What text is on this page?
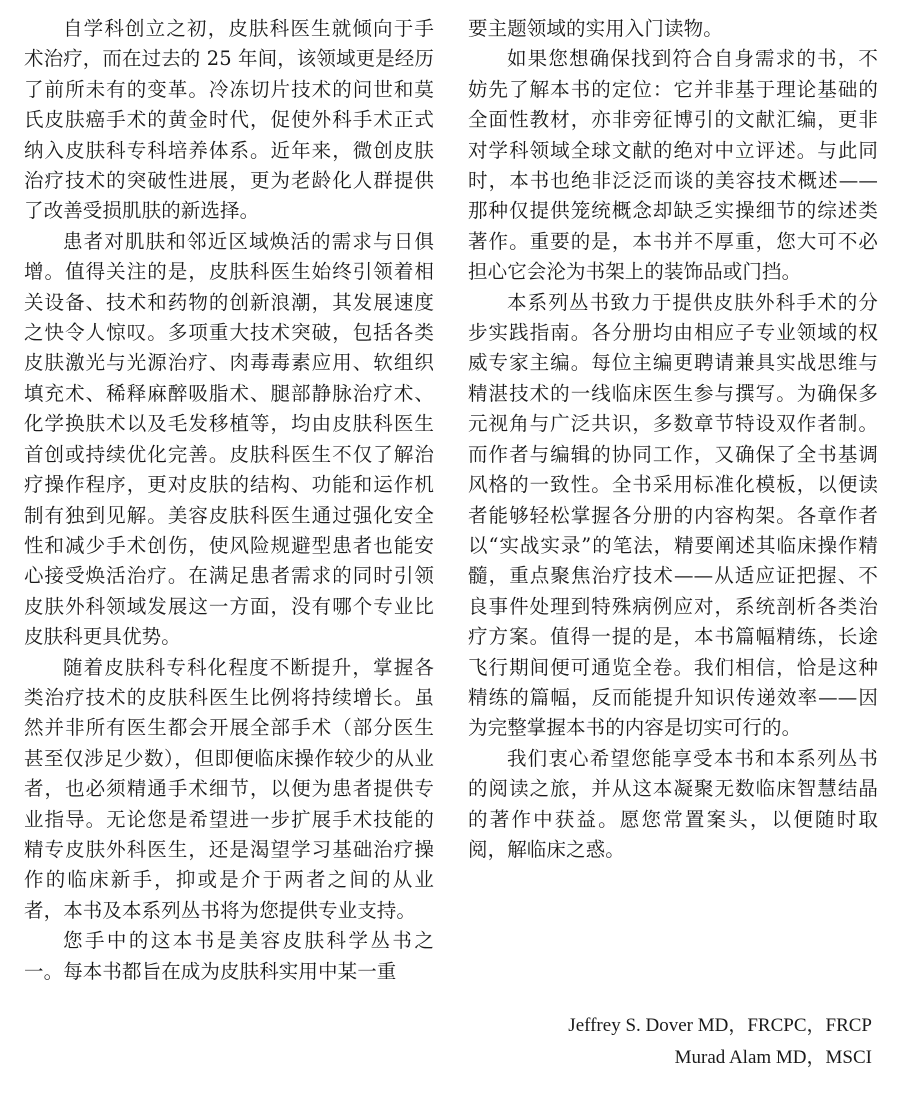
自学科创立之初，皮肤科医生就倾向于手术治疗，而在过去的 25 年间，该领域更是经历了前所未有的变革。冷冻切片技术的问世和莫氏皮肤癌手术的黄金时代，促使外科手术正式纳入皮肤科专科培养体系。近年来，微创皮肤治疗技术的突破性进展，更为老龄化人群提供了改善受损肌肤的新选择。

患者对肌肤和邻近区域焕活的需求与日俱增。值得关注的是，皮肤科医生始终引领着相关设备、技术和药物的创新浪潮，其发展速度之快令人惊叹。多项重大技术突破，包括各类皮肤激光与光源治疗、肉毒毒素应用、软组织填充术、稀释麻醉吸脂术、腿部静脉治疗术、化学换肤术以及毛发移植等，均由皮肤科医生首创或持续优化完善。皮肤科医生不仅了解治疗操作程序，更对皮肤的结构、功能和运作机制有独到见解。美容皮肤科医生通过强化安全性和减少手术创伤，使风险规避型患者也能安心接受焕活治疗。在满足患者需求的同时引领皮肤外科领域发展这一方面，没有哪个专业比皮肤科更具优势。

随着皮肤科专科化程度不断提升，掌握各类治疗技术的皮肤科医生比例将持续增长。虽然并非所有医生都会开展全部手术（部分医生甚至仅涉足少数），但即便临床操作较少的从业者，也必须精通手术细节，以便为患者提供专业指导。无论您是希望进一步扩展手术技能的精专皮肤外科医生，还是渴望学习基础治疗操作的临床新手，抑或是介于两者之间的从业者，本书及本系列丛书将为您提供专业支持。

您手中的这本书是美容皮肤科学丛书之一。每本书都旨在成为皮肤科实用中某一重

要主题领域的实用入门读物。

如果您想确保找到符合自身需求的书，不妨先了解本书的定位：它并非基于理论基础的全面性教材，亦非旁征博引的文献汇编，更非对学科领域全球文献的绝对中立评述。与此同时，本书也绝非泛泛而谈的美容技术概述——那种仅提供笼统概念却缺乏实操细节的综述类著作。重要的是，本书并不厚重，您大可不必担心它会沦为书架上的装饰品或门挡。

本系列丛书致力于提供皮肤外科手术的分步实践指南。各分册均由相应子专业领域的权威专家主编。每位主编更聘请兼具实战思维与精湛技术的一线临床医生参与撰写。为确保多元视角与广泛共识，多数章节特设双作者制。而作者与编辑的协同工作，又确保了全书基调风格的一致性。全书采用标准化模板，以便读者能够轻松掌握各分册的内容构架。各章作者以“实战实录”的笔法，精要阐述其临床操作精髓，重点聚焦治疗技术——从适应证把握、不良事件处理到特殊病例应对，系统剖析各类治疗方案。值得一提的是，本书篇幅精练，长途飞行期间便可通览全卷。我们相信，恰是这种精练的篇幅，反而能提升知识传递效率——因为完整掌握本书的内容是切实可行的。

我们衷心希望您能享受本书和本系列丛书的阅读之旅，并从这本凝聚无数临床智慧结晶的著作中获益。愿您常置案头，以便随时取阅，解临床之惑。

Jeffrey S. Dover MD，FRCPC，FRCP
Murad Alam MD，MSCI
